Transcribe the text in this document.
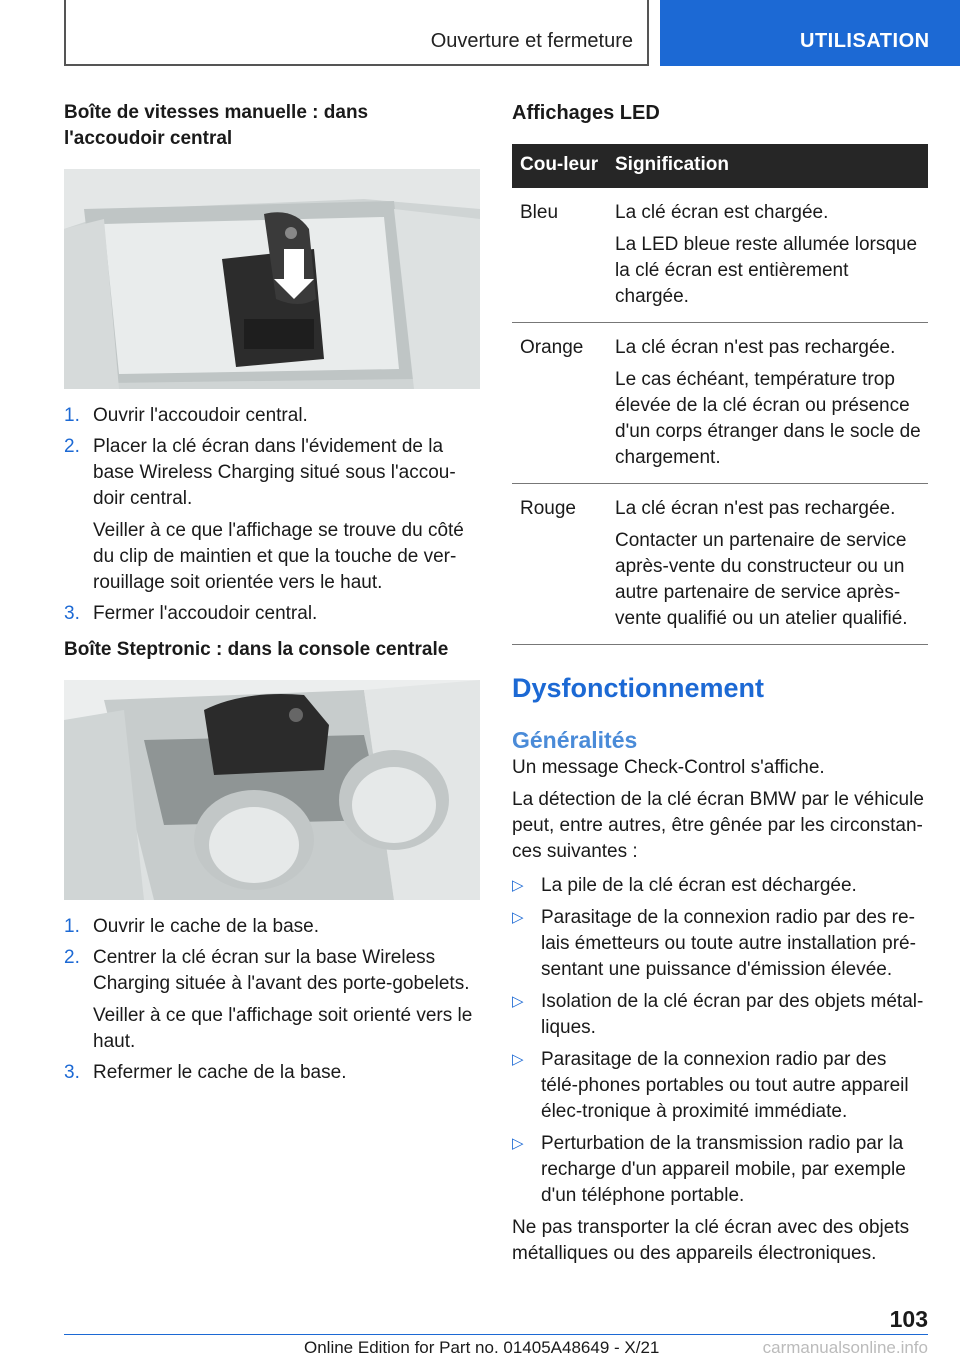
Ouverture et fermeture	UTILISATION
Boîte de vitesses manuelle : dans l'accoudoir central
1. Ouvrir l'accoudoir central.
2. Placer la clé écran dans l'évidement de la base Wireless Charging situé sous l'accou-doir central.
Veiller à ce que l'affichage se trouve du côté du clip de maintien et que la touche de ver-rouillage soit orientée vers le haut.
3. Fermer l'accoudoir central.
Boîte Steptronic : dans la console centrale
1. Ouvrir le cache de la base.
2. Centrer la clé écran sur la base Wireless Charging située à l'avant des porte-gobelets.
Veiller à ce que l'affichage soit orienté vers le haut.
3. Refermer le cache de la base.
Affichages LED
Cou-leur	Signification
Bleu	La clé écran est chargée.
La LED bleue reste allumée lorsque la clé écran est entièrement chargée.

Orange	La clé écran n'est pas rechargée.
Le cas échéant, température trop élevée de la clé écran ou présence d'un corps étranger dans le socle de chargement.

Rouge	La clé écran n'est pas rechargée.
Contacter un partenaire de service après-vente du constructeur ou un autre partenaire de service après-vente qualifié ou un atelier qualifié.
Dysfonctionnement
Généralités

Un message Check-Control s'affiche.

La détection de la clé écran BMW par le véhicule peut, entre autres, être gênée par les circonstan-ces suivantes :

▷ La pile de la clé écran est déchargée.
▷ Parasitage de la connexion radio par des re-lais émetteurs ou toute autre installation pré-sentant une puissance d'émission élevée.
▷ Isolation de la clé écran par des objets métal-liques.
▷ Parasitage de la connexion radio par des télé-phones portables ou tout autre appareil élec-tronique à proximité immédiate.
▷ Perturbation de la transmission radio par la recharge d'un appareil mobile, par exemple d'un téléphone portable.

Ne pas transporter la clé écran avec des objets métalliques ou des appareils électroniques.

103
Online Edition for Part no. 01405A48649 - X/21	carmanualsonline.info
